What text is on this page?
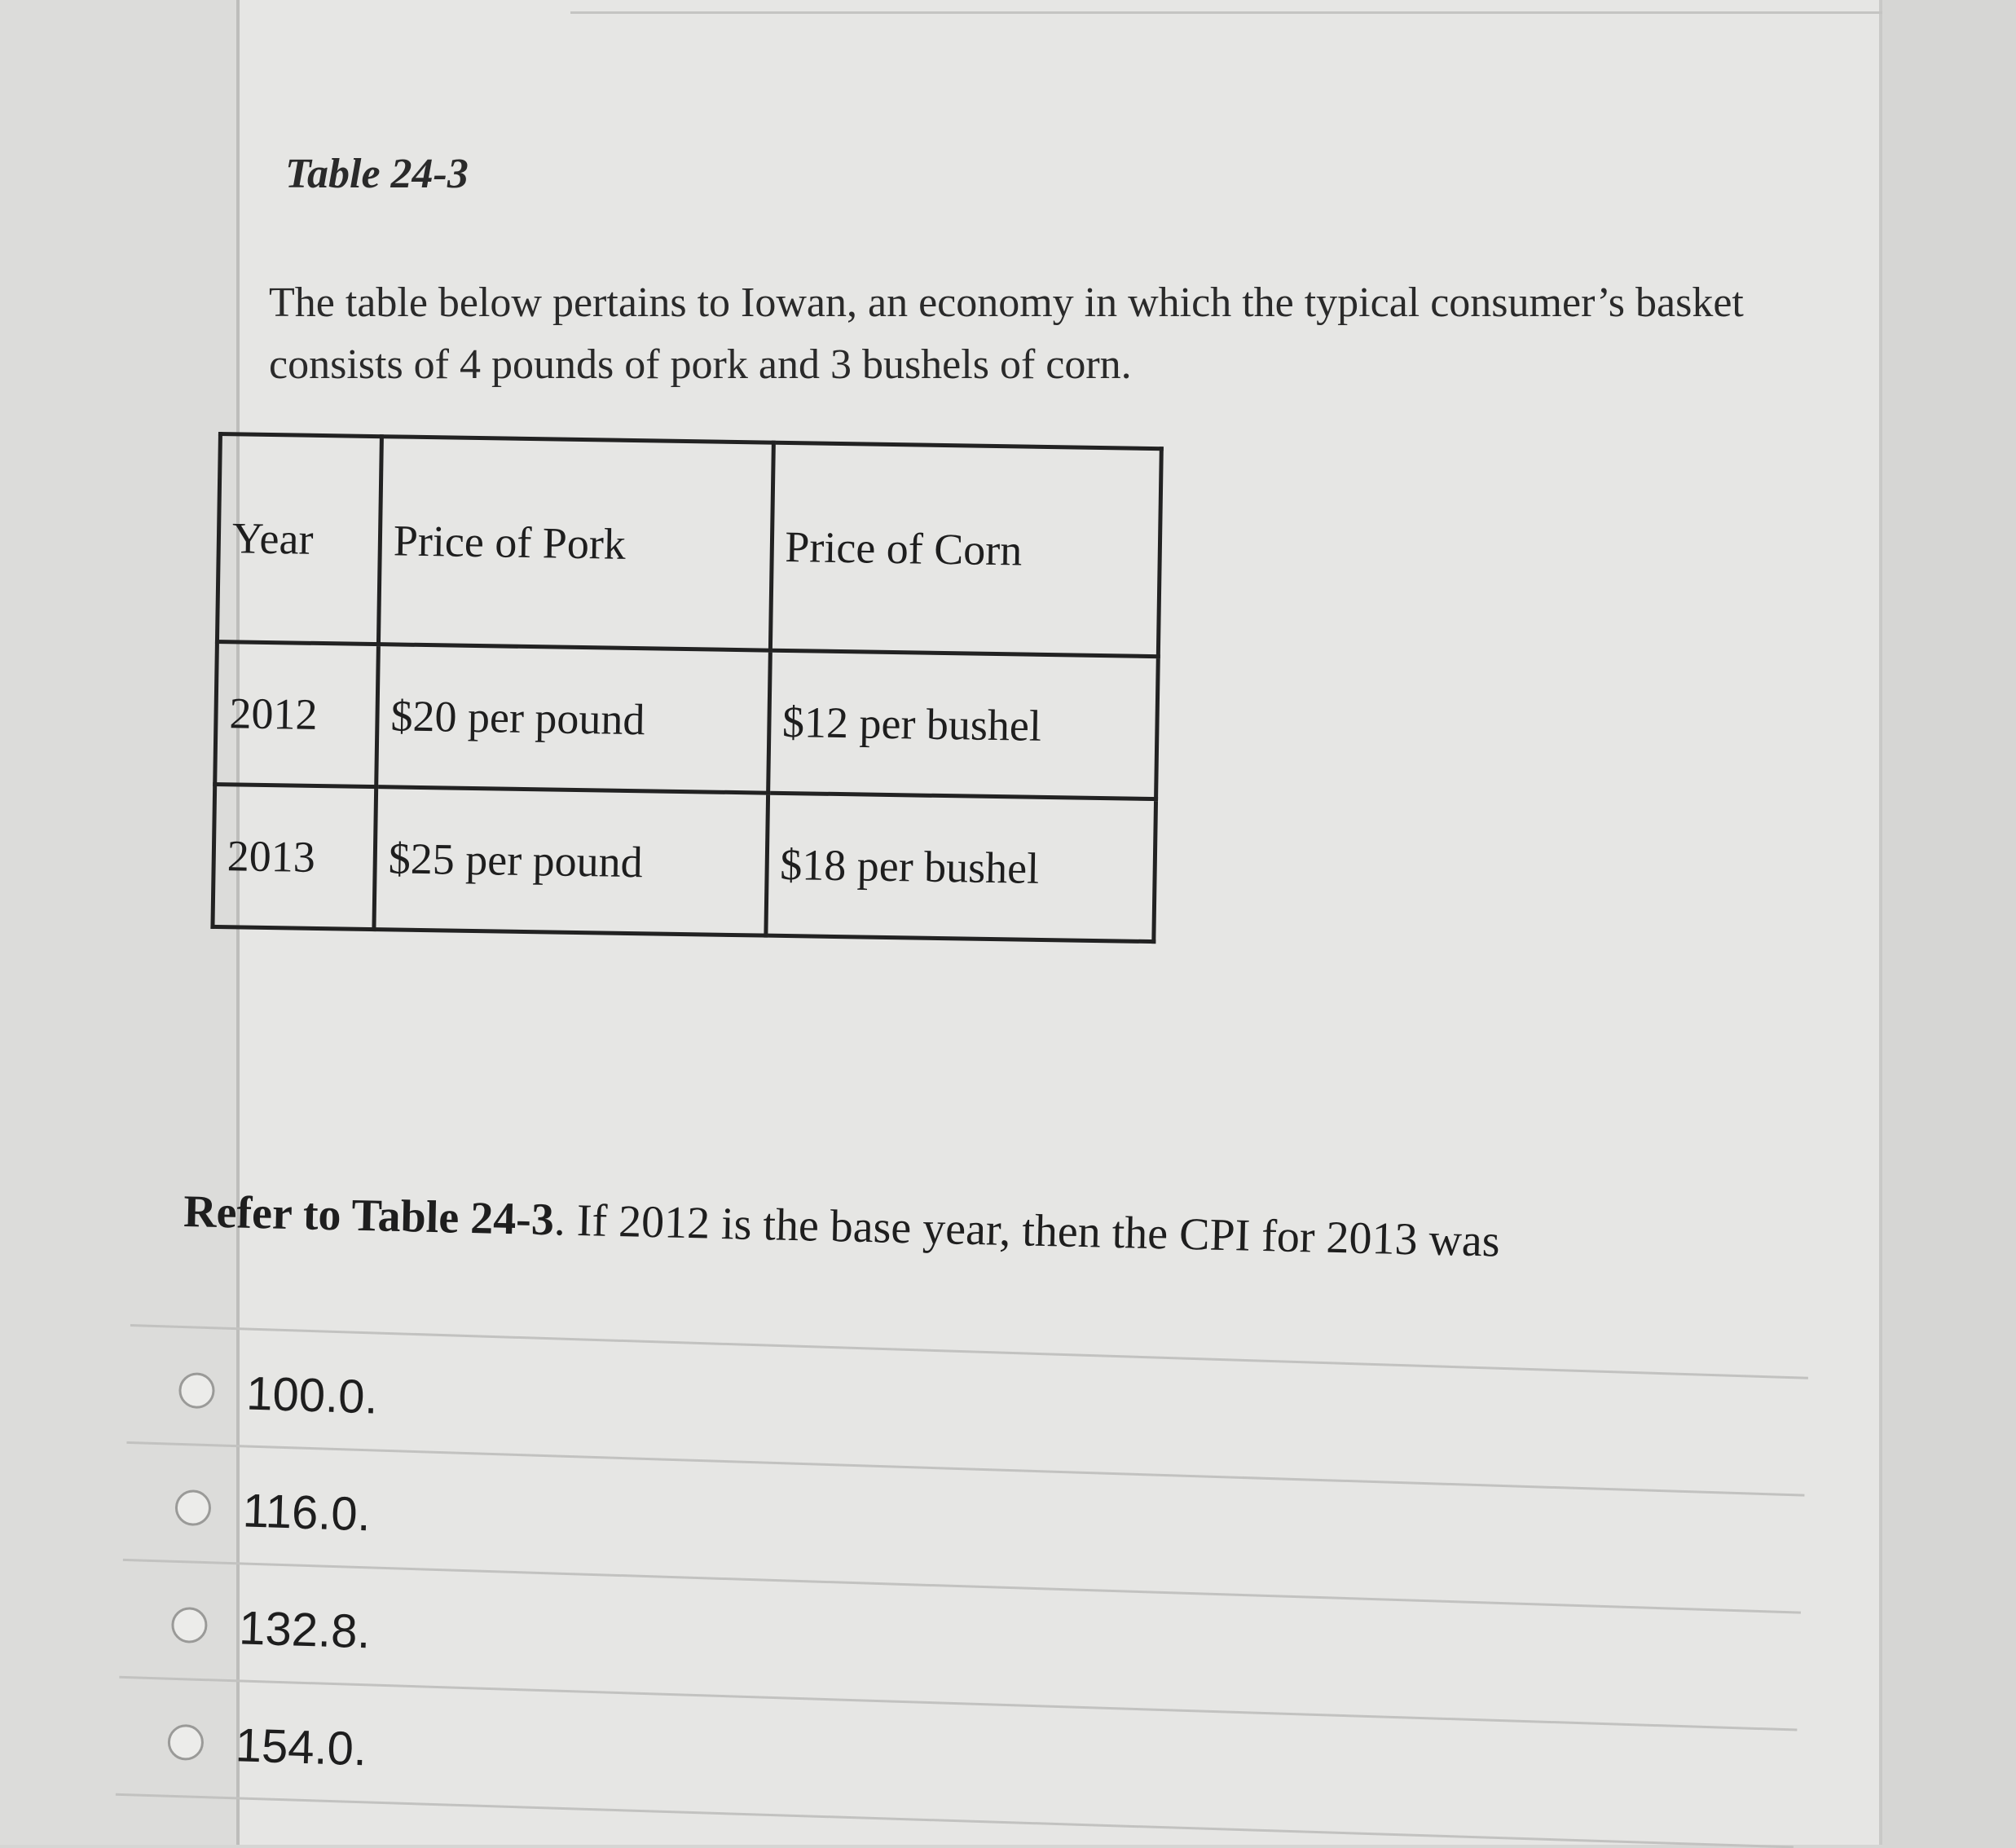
Table 24-3
The table below pertains to Iowan, an economy in which the typical consumer’s basket consists of 4 pounds of pork and 3 bushels of corn.
Year	Price of Pork	Price of Corn
2012	$20 per pound	$12 per bushel
2013	$25 per pound	$18 per bushel
Refer to Table 24-3. If 2012 is the base year, then the CPI for 2013 was
100.0.
116.0.
132.8.
154.0.
